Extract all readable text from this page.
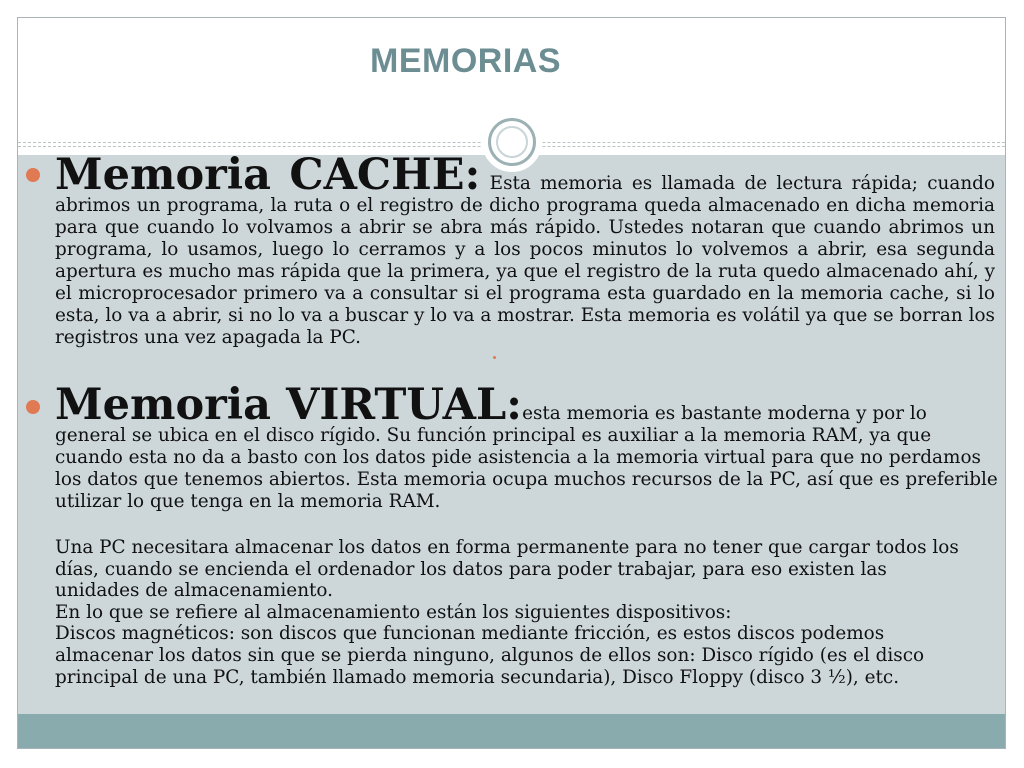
MEMORIAS

Memoria CACHE: Esta memoria es llamada de lectura rápida; cuando abrimos un programa, la ruta o el registro de dicho programa queda almacenado en dicha memoria para que cuando lo volvamos a abrir se abra más rápido. Ustedes notaran que cuando abrimos un programa, lo usamos, luego lo cerramos y a los pocos minutos lo volvemos a abrir, esa segunda apertura es mucho mas rápida que la primera, ya que el registro de la ruta quedo almacenado ahí, y el microprocesador primero va a consultar si el programa esta guardado en la memoria cache, si lo esta, lo va a abrir, si no lo va a buscar y lo va a mostrar. Esta memoria es volátil ya que se borran los registros una vez apagada la PC.

Memoria VIRTUAL:esta memoria es bastante moderna y por lo general se ubica en el disco rígido. Su función principal es auxiliar a la memoria RAM, ya que cuando esta no da a basto con los datos pide asistencia a la memoria virtual para que no perdamos los datos que tenemos abiertos. Esta memoria ocupa muchos recursos de la PC, así que es preferible utilizar lo que tenga en la memoria RAM.

Una PC necesitara almacenar los datos en forma permanente para no tener que cargar todos los
días, cuando se encienda el ordenador los datos para poder trabajar, para eso existen las
unidades de almacenamiento.
En lo que se refiere al almacenamiento están los siguientes dispositivos:
Discos magnéticos: son discos que funcionan mediante fricción, es estos discos podemos
almacenar los datos sin que se pierda ninguno, algunos de ellos son: Disco rígido (es el disco
principal de una PC, también llamado memoria secundaria), Disco Floppy (disco 3 ½), etc.
